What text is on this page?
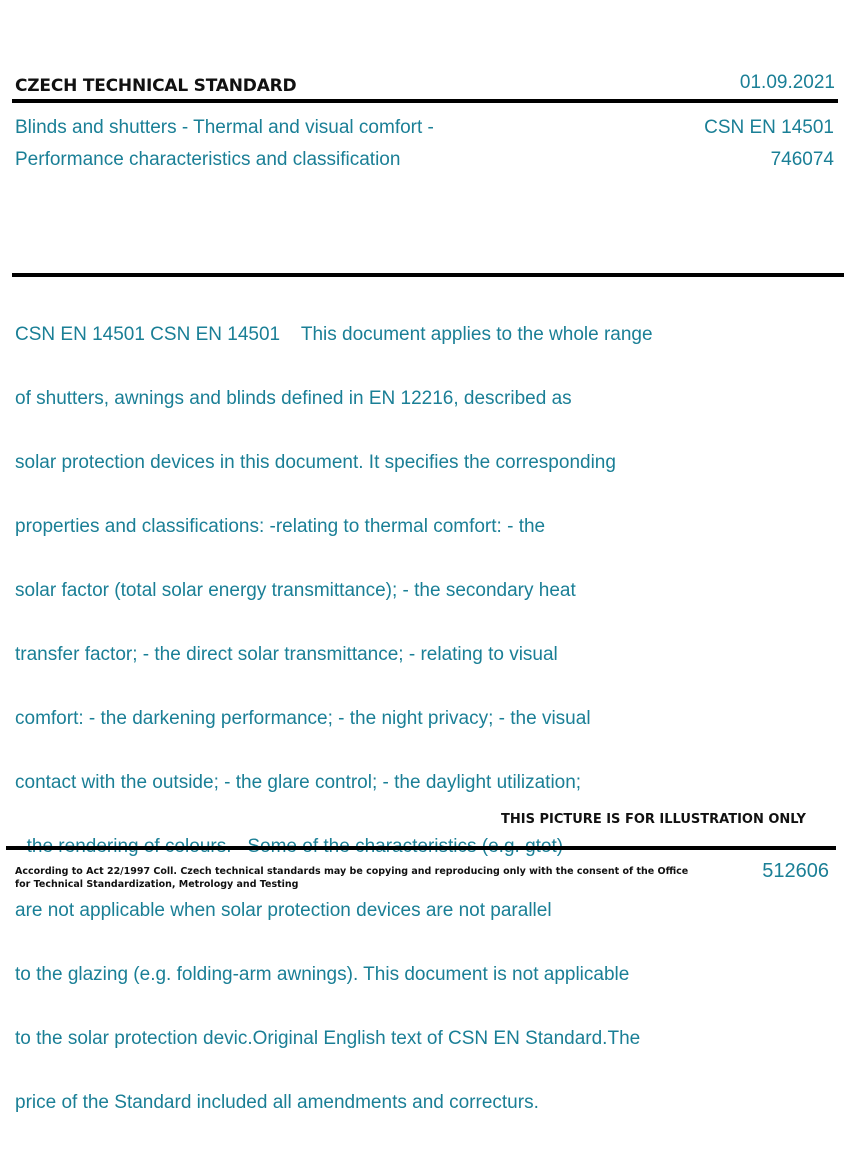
CZECH TECHNICAL STANDARD	01.09.2021
Blinds and shutters - Thermal and visual comfort -
Performance characteristics and classification
CSN EN 14501
746074

CSN EN 14501 CSN EN 14501    This document applies to the whole range

of shutters, awnings and blinds defined in EN 12216, described as

solar protection devices in this document. It specifies the corresponding

properties and classifications: -relating to thermal comfort: - the

solar factor (total solar energy transmittance); - the secondary heat

transfer factor; - the direct solar transmittance; - relating to visual

comfort: - the darkening performance; - the night privacy; - the visual

contact with the outside; - the glare control; - the daylight utilization;

are not applicable when solar protection devices are not parallel

to the glazing (e.g. folding-arm awnings). This document is not applicable

to the solar protection devic.Original English text of CSN EN Standard.The

price of the Standard included all amendments and correcturs.

THIS PICTURE IS FOR ILLUSTRATION ONLY
According to Act 22/1997 Coll. Czech technical standards may be copying and reproducing only with the consent of the Office
for Technical Standardization, Metrology and Testing
512606
